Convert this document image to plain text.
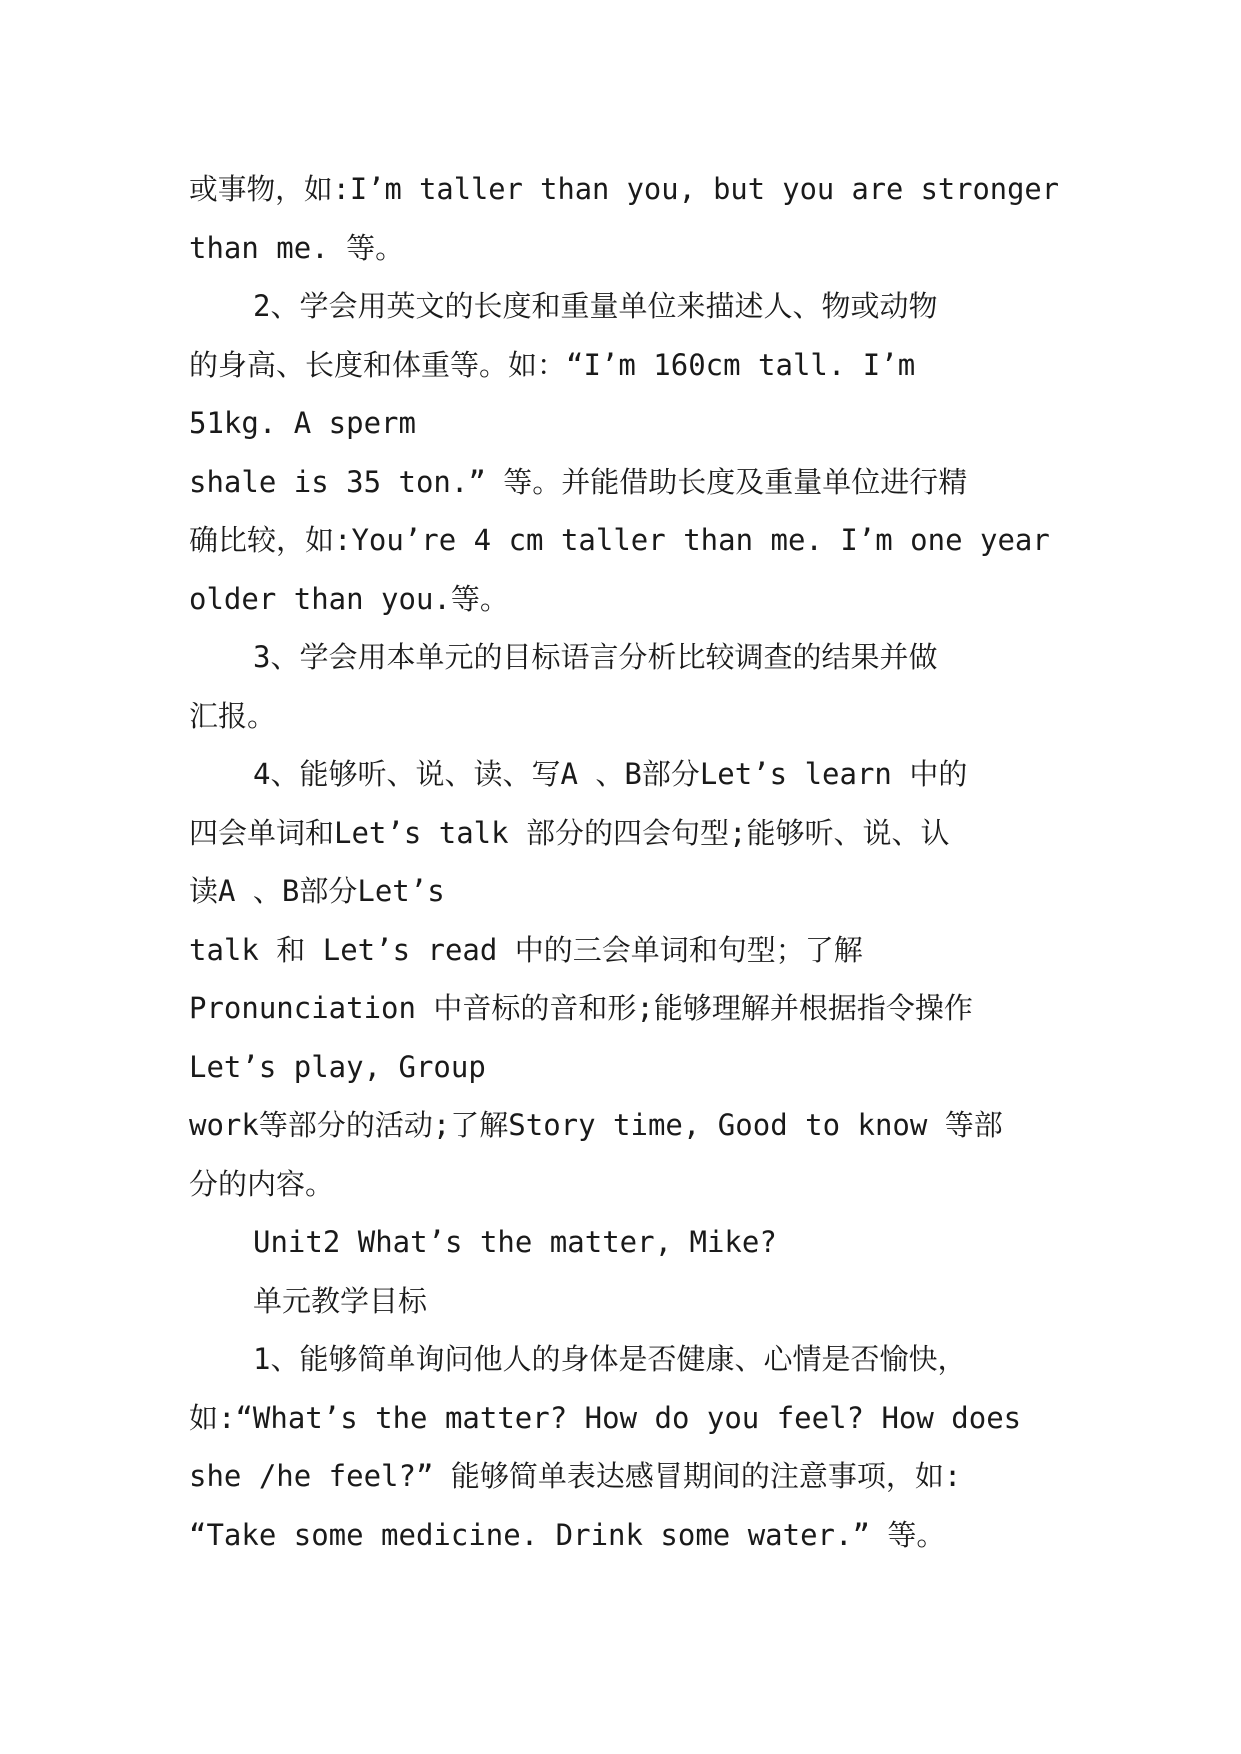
或事物，如:I’m taller than you, but you are stronger
than me. 等。
2、学会用英文的长度和重量单位来描述人、物或动物
的身高、长度和体重等。如：“I’m 160cm tall. I’m
51kg. A sperm
shale is 35 ton.” 等。并能借助长度及重量单位进行精
确比较，如:You’re 4 cm taller than me. I’m one year
older than you.等。
3、学会用本单元的目标语言分析比较调查的结果并做
汇报。
4、能够听、说、读、写A 、B部分Let’s learn 中的
四会单词和Let’s talk 部分的四会句型;能够听、说、认
读A 、B部分Let’s
talk 和 Let’s read 中的三会单词和句型；了解
Pronunciation 中音标的音和形;能够理解并根据指令操作
Let’s play, Group
work等部分的活动;了解Story time, Good to know 等部
分的内容。
Unit2 What’s the matter, Mike?
单元教学目标
1、能够简单询问他人的身体是否健康、心情是否愉快，
如:“What’s the matter? How do you feel? How does
she /he feel?” 能够简单表达感冒期间的注意事项，如:
“Take some medicine. Drink some water.” 等。
